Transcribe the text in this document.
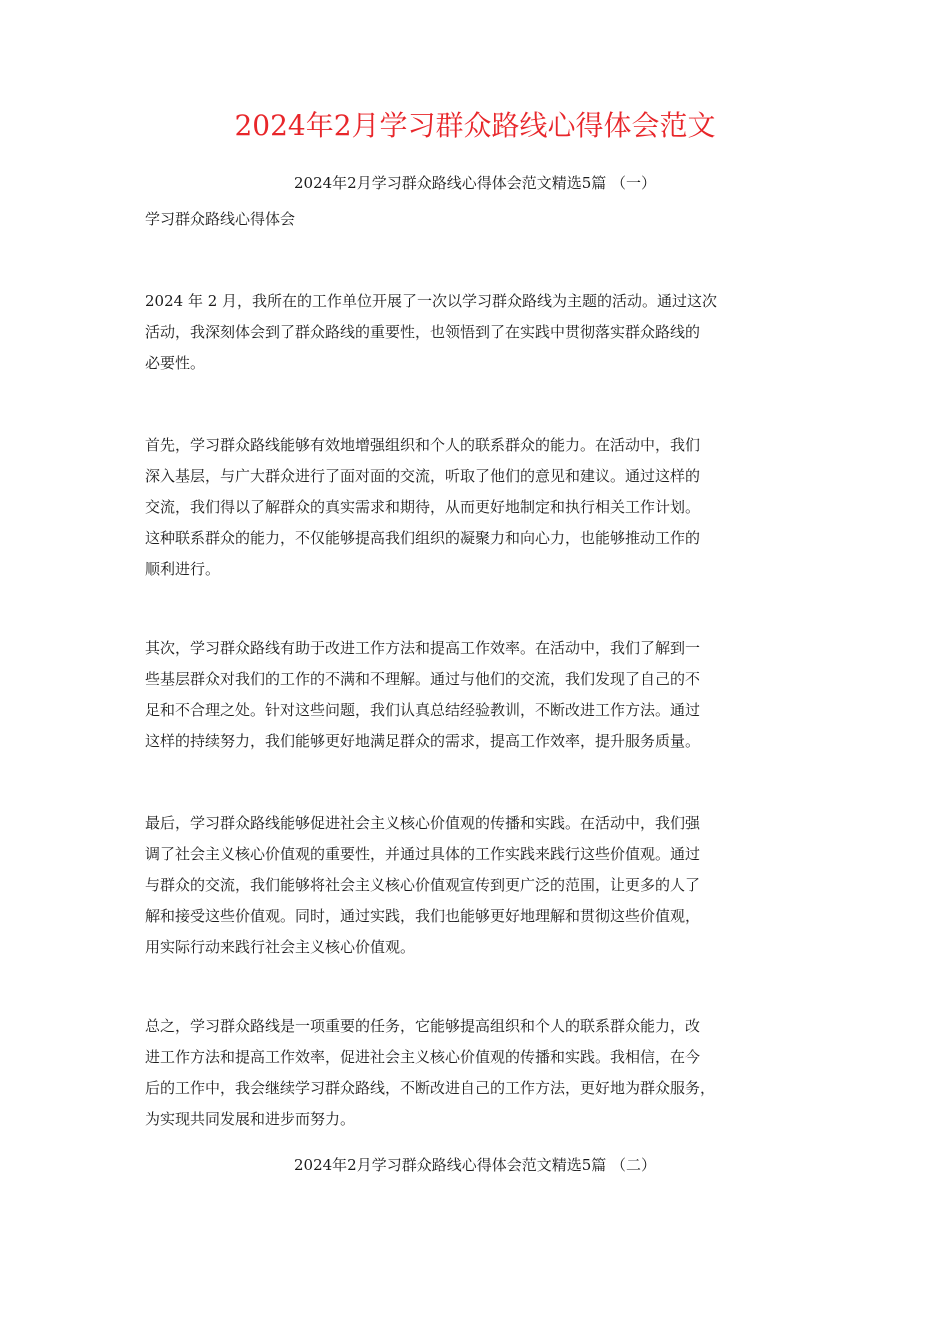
2024年2月学习群众路线心得体会范文

2024年2月学习群众路线心得体会范文精选5篇 （一）

学习群众路线心得体会

2024 年 2 月，我所在的工作单位开展了一次以学习群众路线为主题的活动。通过这次
活动，我深刻体会到了群众路线的重要性，也领悟到了在实践中贯彻落实群众路线的
必要性。

首先，学习群众路线能够有效地增强组织和个人的联系群众的能力。在活动中，我们
深入基层，与广大群众进行了面对面的交流，听取了他们的意见和建议。通过这样的
交流，我们得以了解群众的真实需求和期待，从而更好地制定和执行相关工作计划。
这种联系群众的能力，不仅能够提高我们组织的凝聚力和向心力，也能够推动工作的
顺利进行。

其次，学习群众路线有助于改进工作方法和提高工作效率。在活动中，我们了解到一
些基层群众对我们的工作的不满和不理解。通过与他们的交流，我们发现了自己的不
足和不合理之处。针对这些问题，我们认真总结经验教训，不断改进工作方法。通过
这样的持续努力，我们能够更好地满足群众的需求，提高工作效率，提升服务质量。

最后，学习群众路线能够促进社会主义核心价值观的传播和实践。在活动中，我们强
调了社会主义核心价值观的重要性，并通过具体的工作实践来践行这些价值观。通过
与群众的交流，我们能够将社会主义核心价值观宣传到更广泛的范围，让更多的人了
解和接受这些价值观。同时，通过实践，我们也能够更好地理解和贯彻这些价值观，
用实际行动来践行社会主义核心价值观。

总之，学习群众路线是一项重要的任务，它能够提高组织和个人的联系群众能力，改
进工作方法和提高工作效率，促进社会主义核心价值观的传播和实践。我相信，在今
后的工作中，我会继续学习群众路线，不断改进自己的工作方法，更好地为群众服务，
为实现共同发展和进步而努力。

2024年2月学习群众路线心得体会范文精选5篇 （二）
